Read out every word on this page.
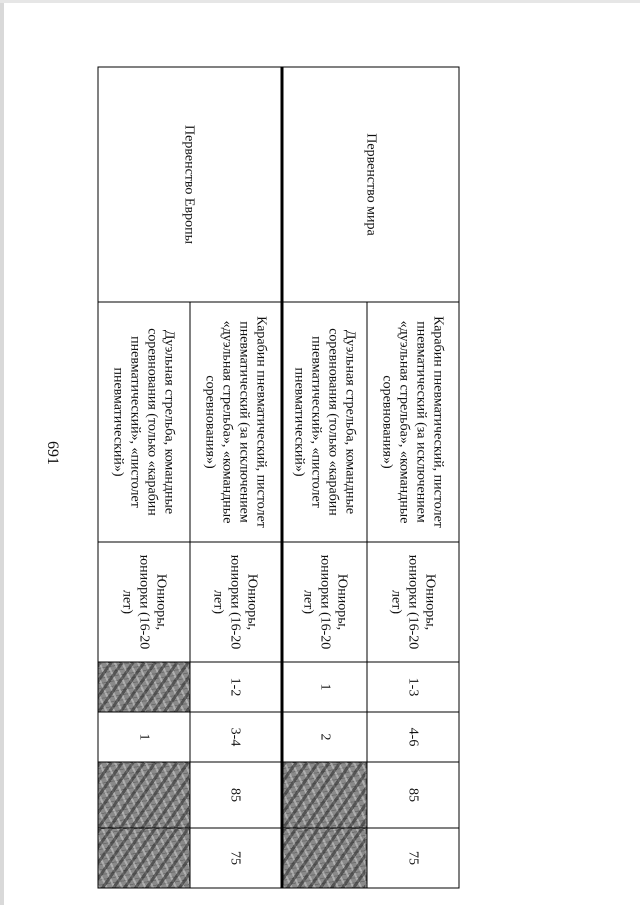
691
Первенство мира	Карабин пневматический, пистолет пневматический (за исключением «дуэльная стрельба», «командные соревнования»)	Юниоры, юниорки (16-20 лет)	1-3	4-6	85	75
	Дуэльная стрельба, командные соревнования (только «карабин пневматический», «пистолет пневматический»)	Юниоры, юниорки (16-20 лет)	1	2		
Первенство Европы	Карабин пневматический, пистолет пневматический (за исключением «дуэльная стрельба», «командные соревнования»)	Юниоры, юниорки (16-20 лет)	1-2	3-4	85	75
	Дуэльная стрельба, командные соревнования (только «карабин пневматический», «пистолет пневматический»)	Юниоры, юниорки (16-20 лет)		1		
